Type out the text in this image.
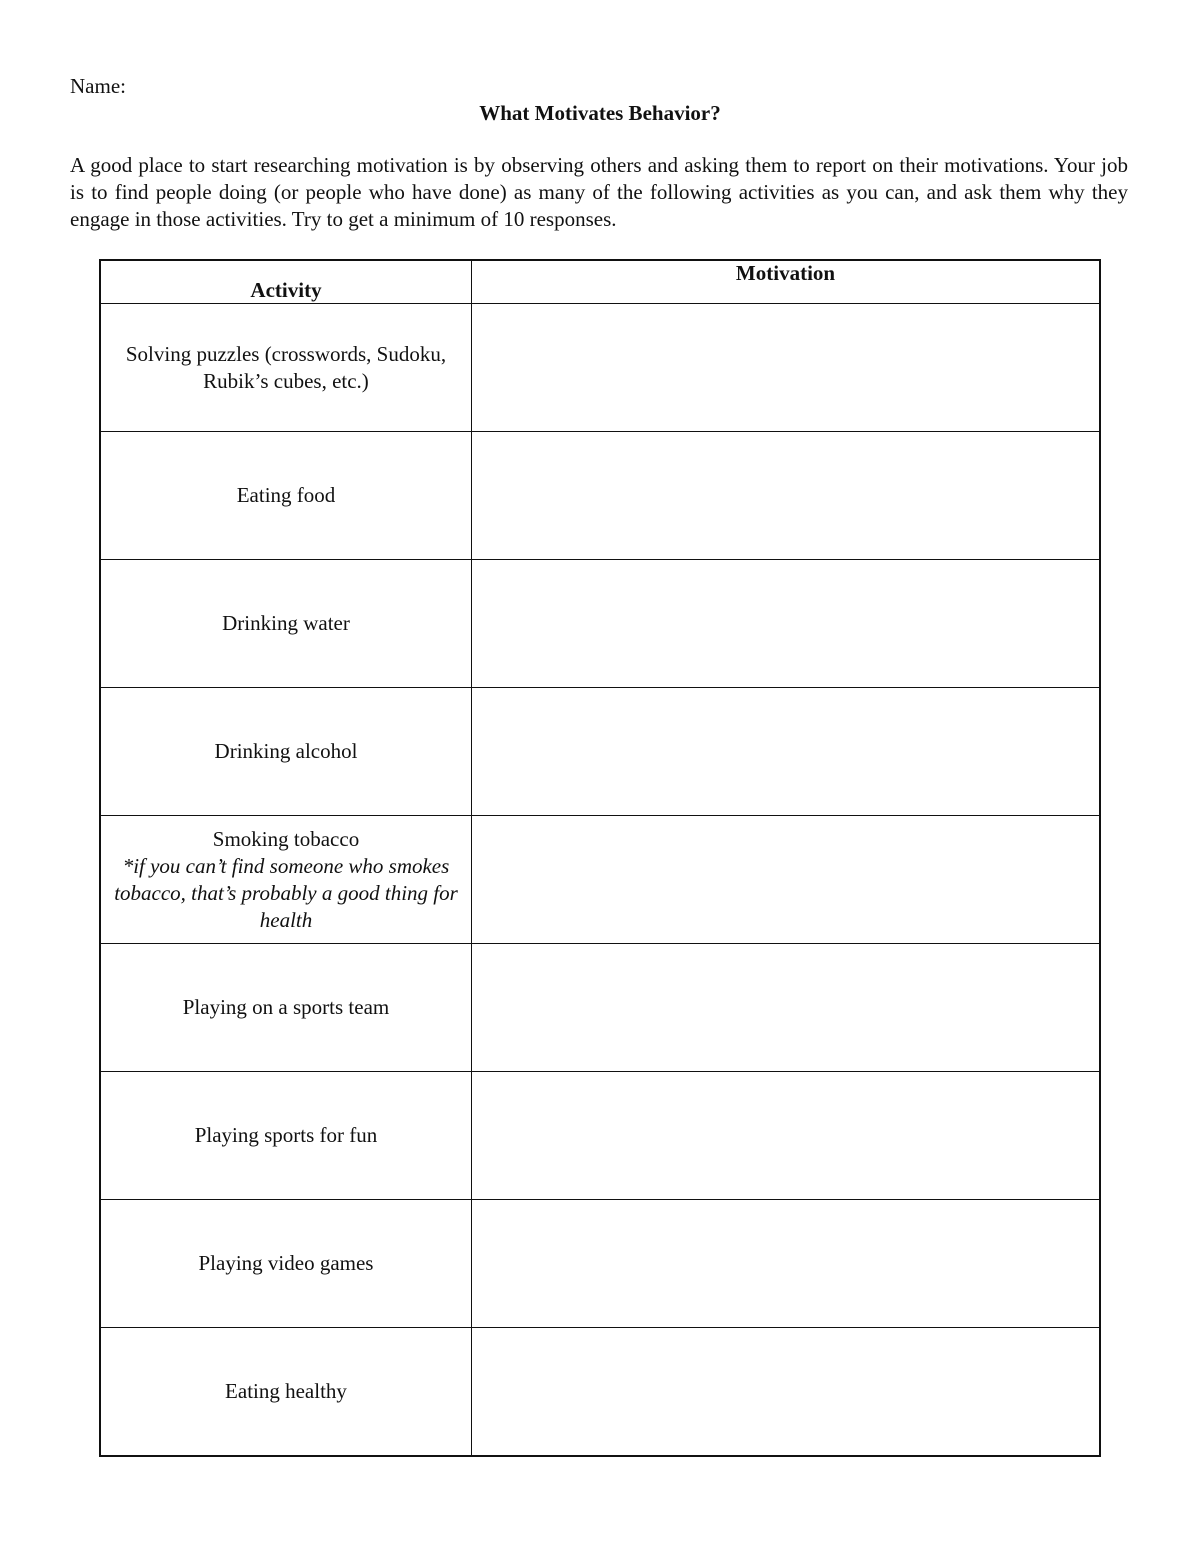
Name:
What Motivates Behavior?

A good place to start researching motivation is by observing others and asking them to report on their motivations. Your job is to find people doing (or people who have done) as many of the following activities as you can, and ask them why they engage in those activities. Try to get a minimum of 10 responses.

Activity	Motivation
Solving puzzles (crosswords, Sudoku, Rubik’s cubes, etc.)	
Eating food	
Drinking water	
Drinking alcohol	
Smoking tobacco
*if you can’t find someone who smokes tobacco, that’s probably a good thing for health	

Playing on a sports team	
Playing sports for fun	
Playing video games	
Eating healthy	
